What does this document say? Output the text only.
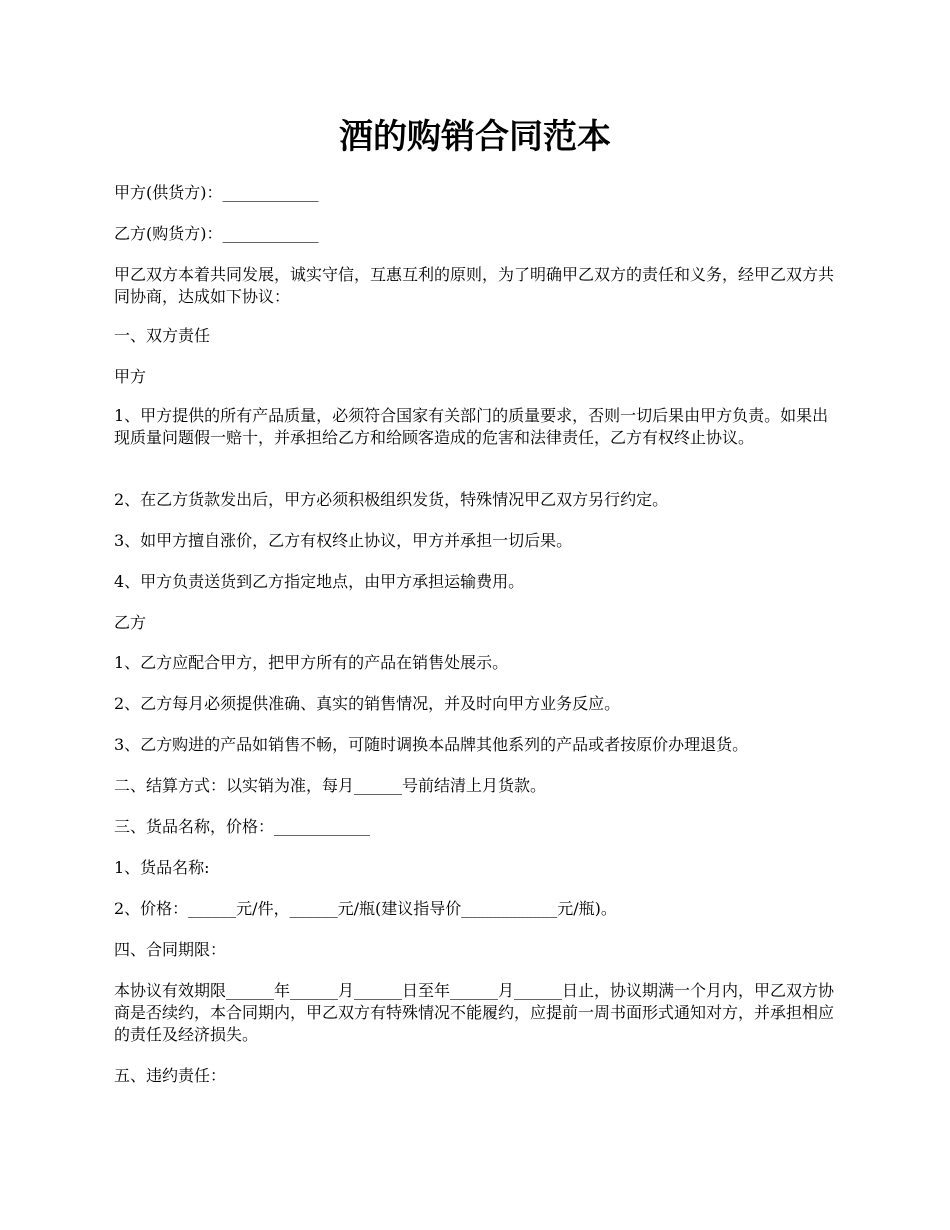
酒的购销合同范本
甲方(供货方)：____________
乙方(购货方)：____________
甲乙双方本着共同发展，诚实守信，互惠互利的原则，为了明确甲乙双方的责任和义务，经甲乙双方共同协商，达成如下协议：
一、双方责任
甲方
1、甲方提供的所有产品质量，必须符合国家有关部门的质量要求，否则一切后果由甲方负责。如果出现质量问题假一赔十，并承担给乙方和给顾客造成的危害和法律责任，乙方有权终止协议。
2、在乙方货款发出后，甲方必须积极组织发货，特殊情况甲乙双方另行约定。
3、如甲方擅自涨价，乙方有权终止协议，甲方并承担一切后果。
4、甲方负责送货到乙方指定地点，由甲方承担运输费用。
乙方
1、乙方应配合甲方，把甲方所有的产品在销售处展示。
2、乙方每月必须提供准确、真实的销售情况，并及时向甲方业务反应。
3、乙方购进的产品如销售不畅，可随时调换本品牌其他系列的产品或者按原价办理退货。
二、结算方式：以实销为准，每月______号前结清上月货款。
三、货品名称，价格：____________
1、货品名称:
2、价格：______元/件，______元/瓶(建议指导价____________元/瓶)。
四、合同期限：
本协议有效期限______年______月______日至年______月______日止，协议期满一个月内，甲乙双方协商是否续约，本合同期内，甲乙双方有特殊情况不能履约，应提前一周书面形式通知对方，并承担相应的责任及经济损失。
五、违约责任：
